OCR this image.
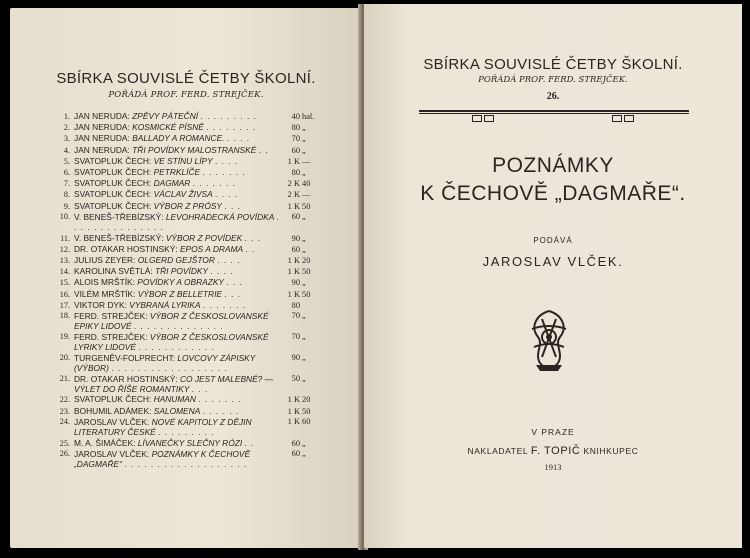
SBÍRKA SOUVISLÉ ČETBY ŠKOLNÍ.
POŘÁDÁ PROF. FERD. STREJČEK.
1. JAN NERUDA: ZPĚVY PÁTEČNÍ . . . . . . . . .	40 hal.
2. JAN NERUDA: KOSMICKÉ PÍSNĚ . . . . . . . .	80 „
3. JAN NERUDA: BALLADY A ROMANCE. . . . .	70 „
4. JAN NERUDA: TŘI POVÍDKY MALOSTRANSKÉ . .	60 „
5. SVATOPLUK ČECH: VE STÍNU LÍPY . . . .	1 K —
6. SVATOPLUK ČECH: PETRKLÍČE . . . . . . .	80 „
7. SVATOPLUK ČECH: DAGMAR . . . . . . .	2 K 40
8. SVATOPLUK ČECH: VÁCLAV ŽIVSA . . . .	2 K —
9. SVATOPLUK ČECH: VÝBOR Z PRÓSY . . .	1 K 50
10. V. BENEŠ-TŘEBÍZSKÝ: LEVOHRADECKÁ POVÍDKA . . . . . . . . . . . . . . .
60 „
11. V. BENEŠ-TŘEBÍZSKÝ: VÝBOR Z POVÍDEK . . .	90 „
12. DR. OTAKAR HOSTINSKÝ: EPOS A DRAMA . .	60 „
13. JULIUS ZEYER: OLGERD GEJŠTOR . . . .	1 K 20
14. KAROLINA SVĚTLÁ: TŘI POVÍDKY . . . .	1 K 50
15. ALOIS MRŠTÍK: POVÍDKY A OBRAZKY . . .	90 „
16. VILÉM MRŠTÍK: VÝBOR Z BELLETRIE . . .	1 K 50
17. VIKTOR DYK: VYBRANÁ LYRIKA . . . . . . .	80
18. FERD. STREJČEK: VÝBOR Z ČESKOSLOVANSKÉ EPIKY LIDOVÉ . . . . . . . . . . . . . .
70 „
19. FERD. STREJČEK: VÝBOR Z ČESKOSLOVANSKÉ LYRIKY LIDOVÉ . . . . . . . . . . . .
70 „
20. TURGENĚV-FOLPRECHT: LOVCOVY ZÁPISKY (VÝBOR) . . . . . . . . . . . . . . . . . .
90 „
21. DR. OTAKAR HOSTINSKÝ: CO JEST MALEBNÉ? — VÝLET DO ŘÍŠE ROMANTIKY . . .
50 „
22. SVATOPLUK ČECH: HANUMAN . . . . . . .	1 K 20
23. BOHUMIL ADÁMEK: SALOMENA . . . . . .	1 K 50
24. JAROSLAV VLČEK: NOVÉ KAPITOLY Z DĚJIN LITERATURY ČESKÉ . . . . . . . . .
1 K 60
25. M. A. ŠIMÁČEK: LÍVANEČKY SLEČNY RÓZI . .	60 „
26. JAROSLAV VLČEK: POZNÁMKY K ČECHOVĚ „DAGMAŘE“ . . . . . . . . . . . . . . . . . . .
60 „
SBÍRKA SOUVISLÉ ČETBY ŠKOLNÍ.
POŘÁDÁ PROF. FERD. STREJČEK.
26.
POZNÁMKY
K ČECHOVĚ „DAGMAŘE“.
PODÁVÁ
JAROSLAV VLČEK.
V PRAZE
NAKLADATEL F. TOPIČ KNIHKUPEC
1913
